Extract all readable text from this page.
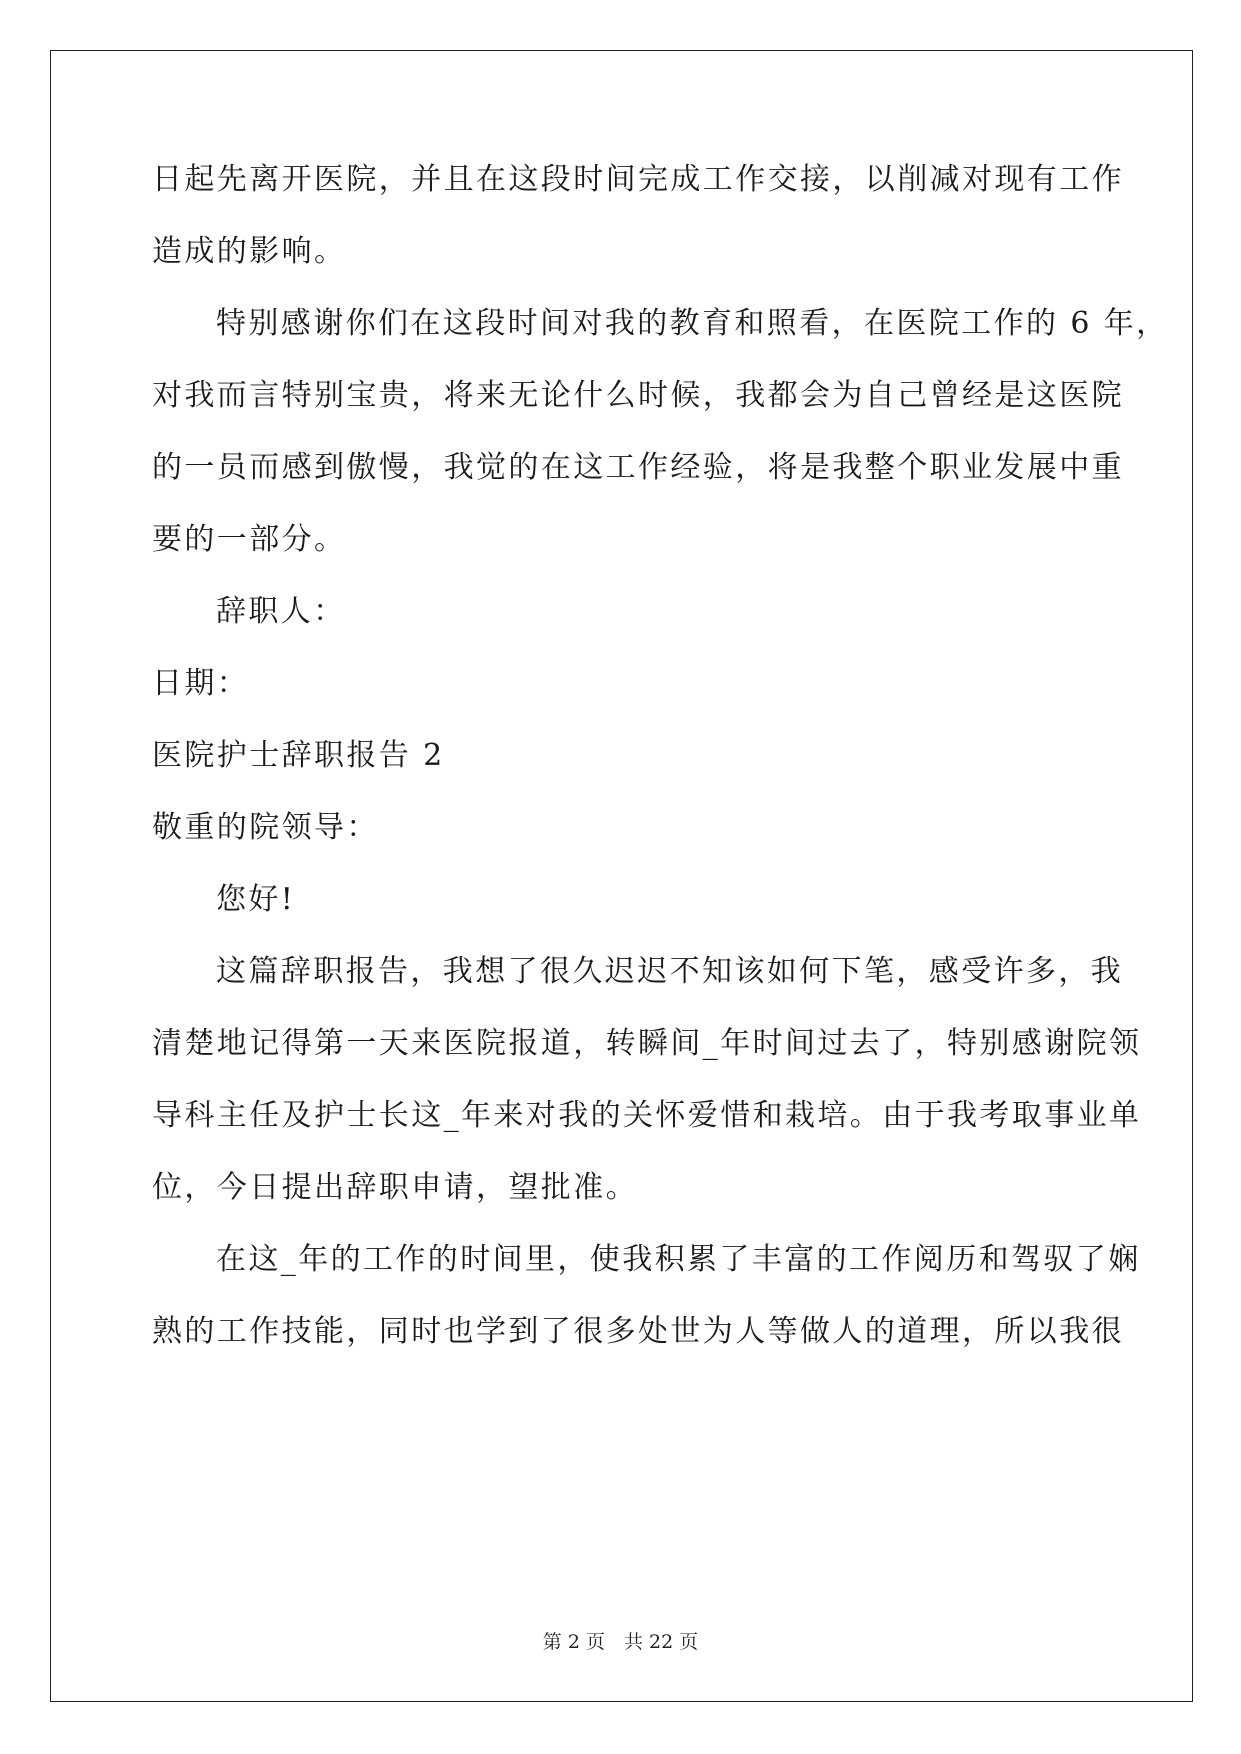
日起先离开医院，并且在这段时间完成工作交接，以削减对现有工作
造成的影响。
特别感谢你们在这段时间对我的教育和照看，在医院工作的 6 年，
对我而言特别宝贵，将来无论什么时候，我都会为自己曾经是这医院
的一员而感到傲慢，我觉的在这工作经验，将是我整个职业发展中重
要的一部分。
辞职人：
日期：
医院护士辞职报告 2
敬重的院领导：
您好!
这篇辞职报告，我想了很久迟迟不知该如何下笔，感受许多，我
清楚地记得第一天来医院报道，转瞬间_年时间过去了，特别感谢院领
导科主任及护士长这_年来对我的关怀爱惜和栽培。由于我考取事业单
位，今日提出辞职申请，望批准。
在这_年的工作的时间里，使我积累了丰富的工作阅历和驾驭了娴
熟的工作技能，同时也学到了很多处世为人等做人的道理，所以我很
第 2 页　共 22 页
